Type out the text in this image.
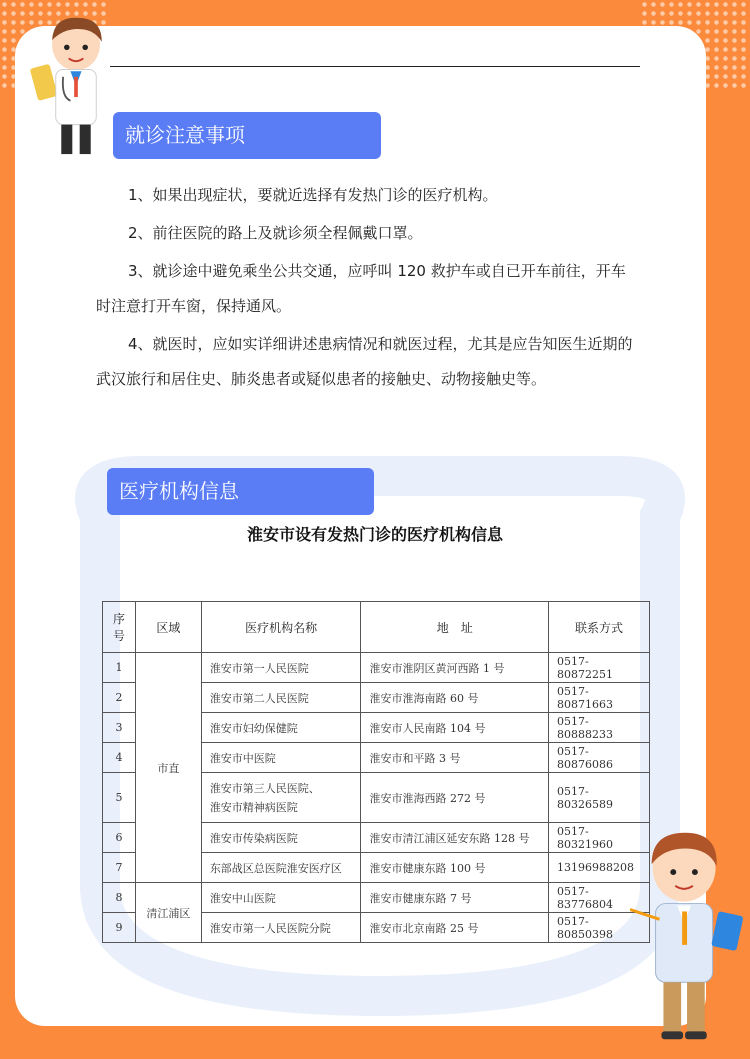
就诊注意事项

1、如果出现症状，要就近选择有发热门诊的医疗机构。

2、前往医院的路上及就诊须全程佩戴口罩。

3、就诊途中避免乘坐公共交通，应呼叫 120 救护车或自已开车前往，开车时注意打开车窗，保持通风。

4、就医时，应如实详细讲述患病情况和就医过程，尤其是应告知医生近期的武汉旅行和居住史、肺炎患者或疑似患者的接触史、动物接触史等。

医疗机构信息
淮安市设有发热门诊的医疗机构信息
序号	区域	医疗机构名称	地　址	联系方式
1	市直	淮安市第一人民医院	淮安市淮阴区黄河西路 1 号	0517-80872251
2		淮安市第二人民医院	淮安市淮海南路 60 号	0517-80871663
3		淮安市妇幼保健院	淮安市人民南路 104 号	0517-80888233
4		淮安市中医院	淮安市和平路 3 号	0517-80876086
5		淮安市第三人民医院、
淮安市精神病医院	淮安市淮海西路 272 号	0517-80326589
6		淮安市传染病医院	淮安市清江浦区延安东路 128 号	0517-80321960
7		东部战区总医院淮安医疗区	淮安市健康东路 100 号	13196988208
8	清江浦区	淮安中山医院	淮安市健康东路 7 号	0517-83776804
9		淮安市第一人民医院分院	淮安市北京南路 25 号	0517-80850398
